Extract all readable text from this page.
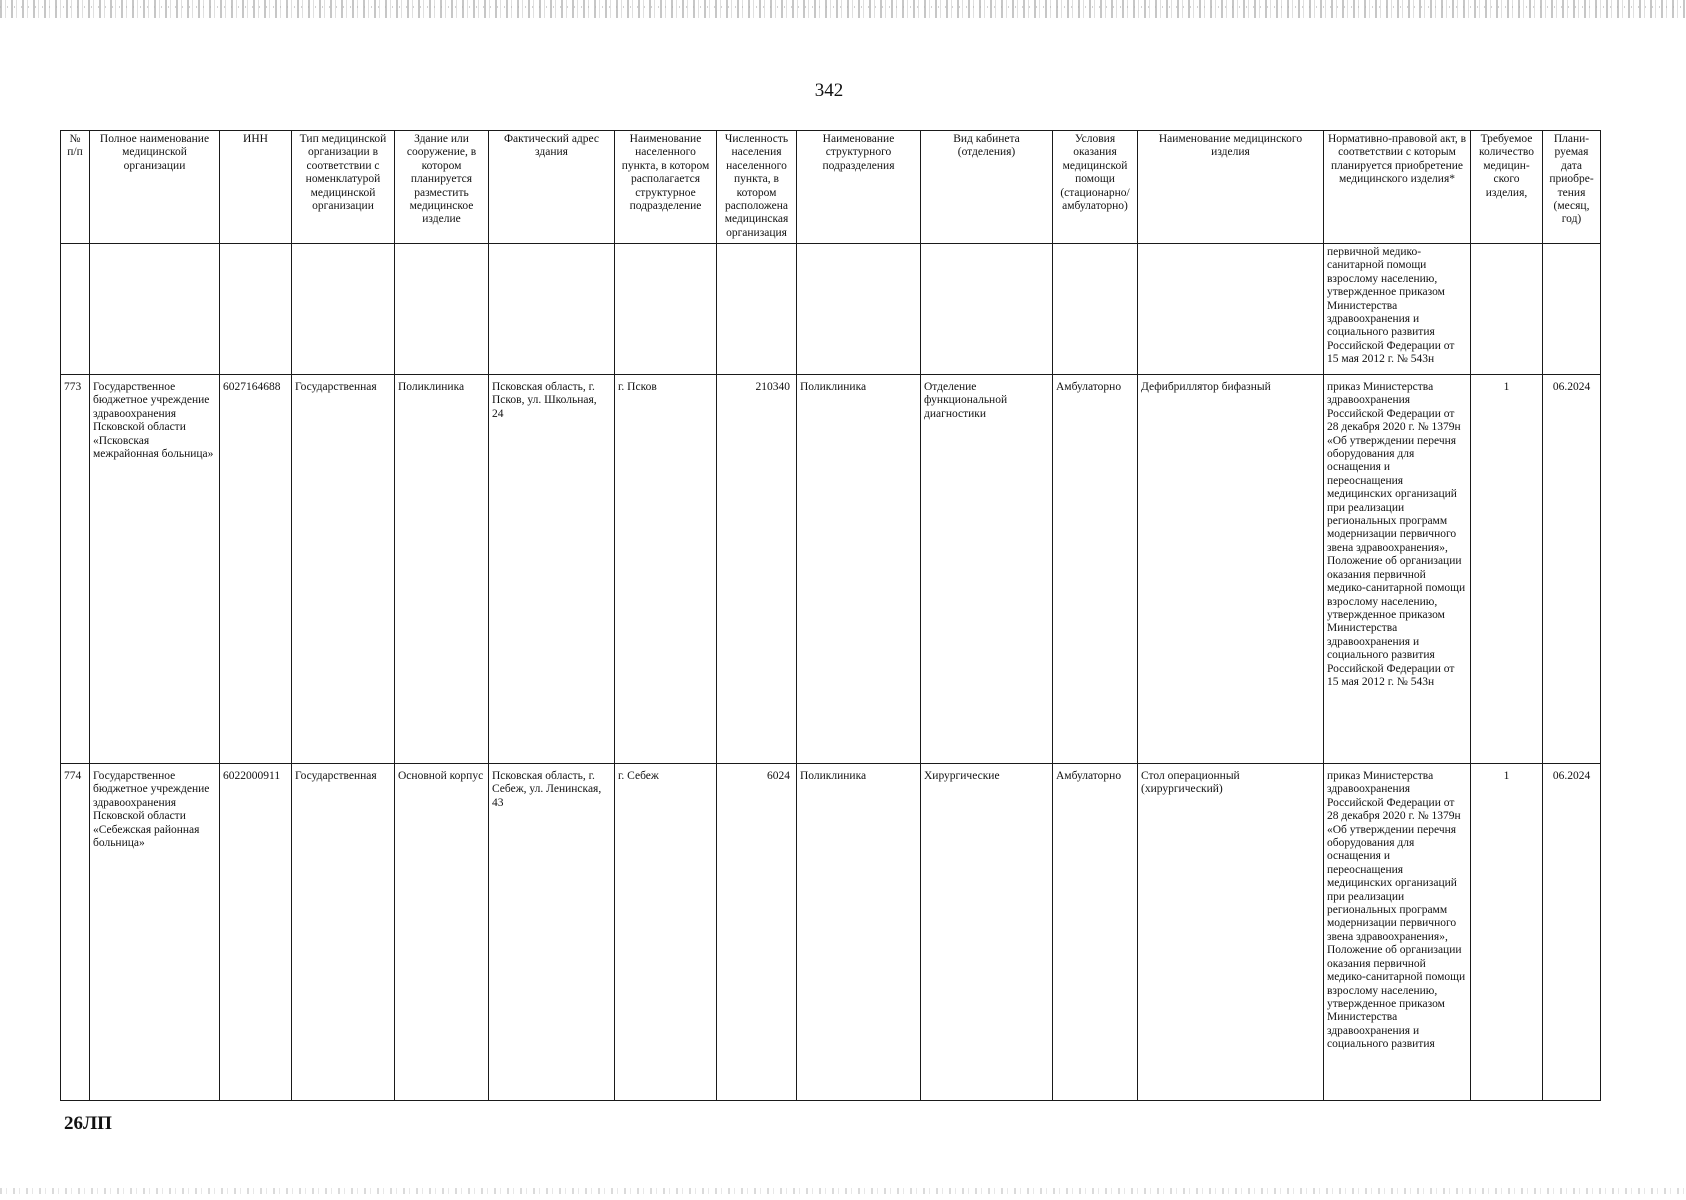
342
№ п/п	Полное наименование медицинской организации	ИНН	Тип медицинской организации в соответствии с номенклатурой медицинской организации	Здание или сооружение, в котором планируется разместить медицинское изделие	Фактический адрес здания	Наименование населенного пункта, в котором располагается структурное подразделение	Численность населения населенного пункта, в котором расположена медицинская организация	Наименование структурного подразделения	Вид кабинета (отделения)	Условия оказания медицинской помощи (стационарно/ амбулаторно)	Наименование медицинского изделия	Нормативно-правовой акт, в соответствии с которым планируется приобретение медицинского изделия*	Требуемое количество медицин-ского изделия,	Плани-руемая дата приобре-тения (месяц, год)
												первичной медико-санитарной помощи взрослому населению, утвержденное приказом Министерства здравоохранения и социального развития Российской Федерации от 15 мая 2012 г. № 543н		
773	Государственное бюджетное учреждение здравоохранения Псковской области «Псковская межрайонная больница»	6027164688	Государственная	Поликлиника	Псковская область, г. Псков, ул. Школьная, 24	г. Псков	210340	Поликлиника	Отделение функциональной диагностики	Амбулаторно	Дефибриллятор бифазный	приказ Министерства здравоохранения Российской Федерации от 28 декабря 2020 г. № 1379н «Об утверждении перечня оборудования для оснащения и переоснащения медицинских организаций при реализации региональных программ модернизации первичного звена здравоохранения», Положение об организации оказания первичной медико-санитарной помощи взрослому населению, утвержденное приказом Министерства здравоохранения и социального развития Российской Федерации от 15 мая 2012 г. № 543н	1	06.2024
774	Государственное бюджетное учреждение здравоохранения Псковской области «Себежская районная больница»	6022000911	Государственная	Основной корпус	Псковская область, г. Себеж, ул. Ленинская, 43	г. Себеж	6024	Поликлиника	Хирургические	Амбулаторно	Стол операционный (хирургический)	приказ Министерства здравоохранения Российской Федерации от 28 декабря 2020 г. № 1379н «Об утверждении перечня оборудования для оснащения и переоснащения медицинских организаций при реализации региональных программ модернизации первичного звена здравоохранения», Положение об организации оказания первичной медико-санитарной помощи взрослому населению, утвержденное приказом Министерства здравоохранения и социального развития	1	06.2024
26ЛП
